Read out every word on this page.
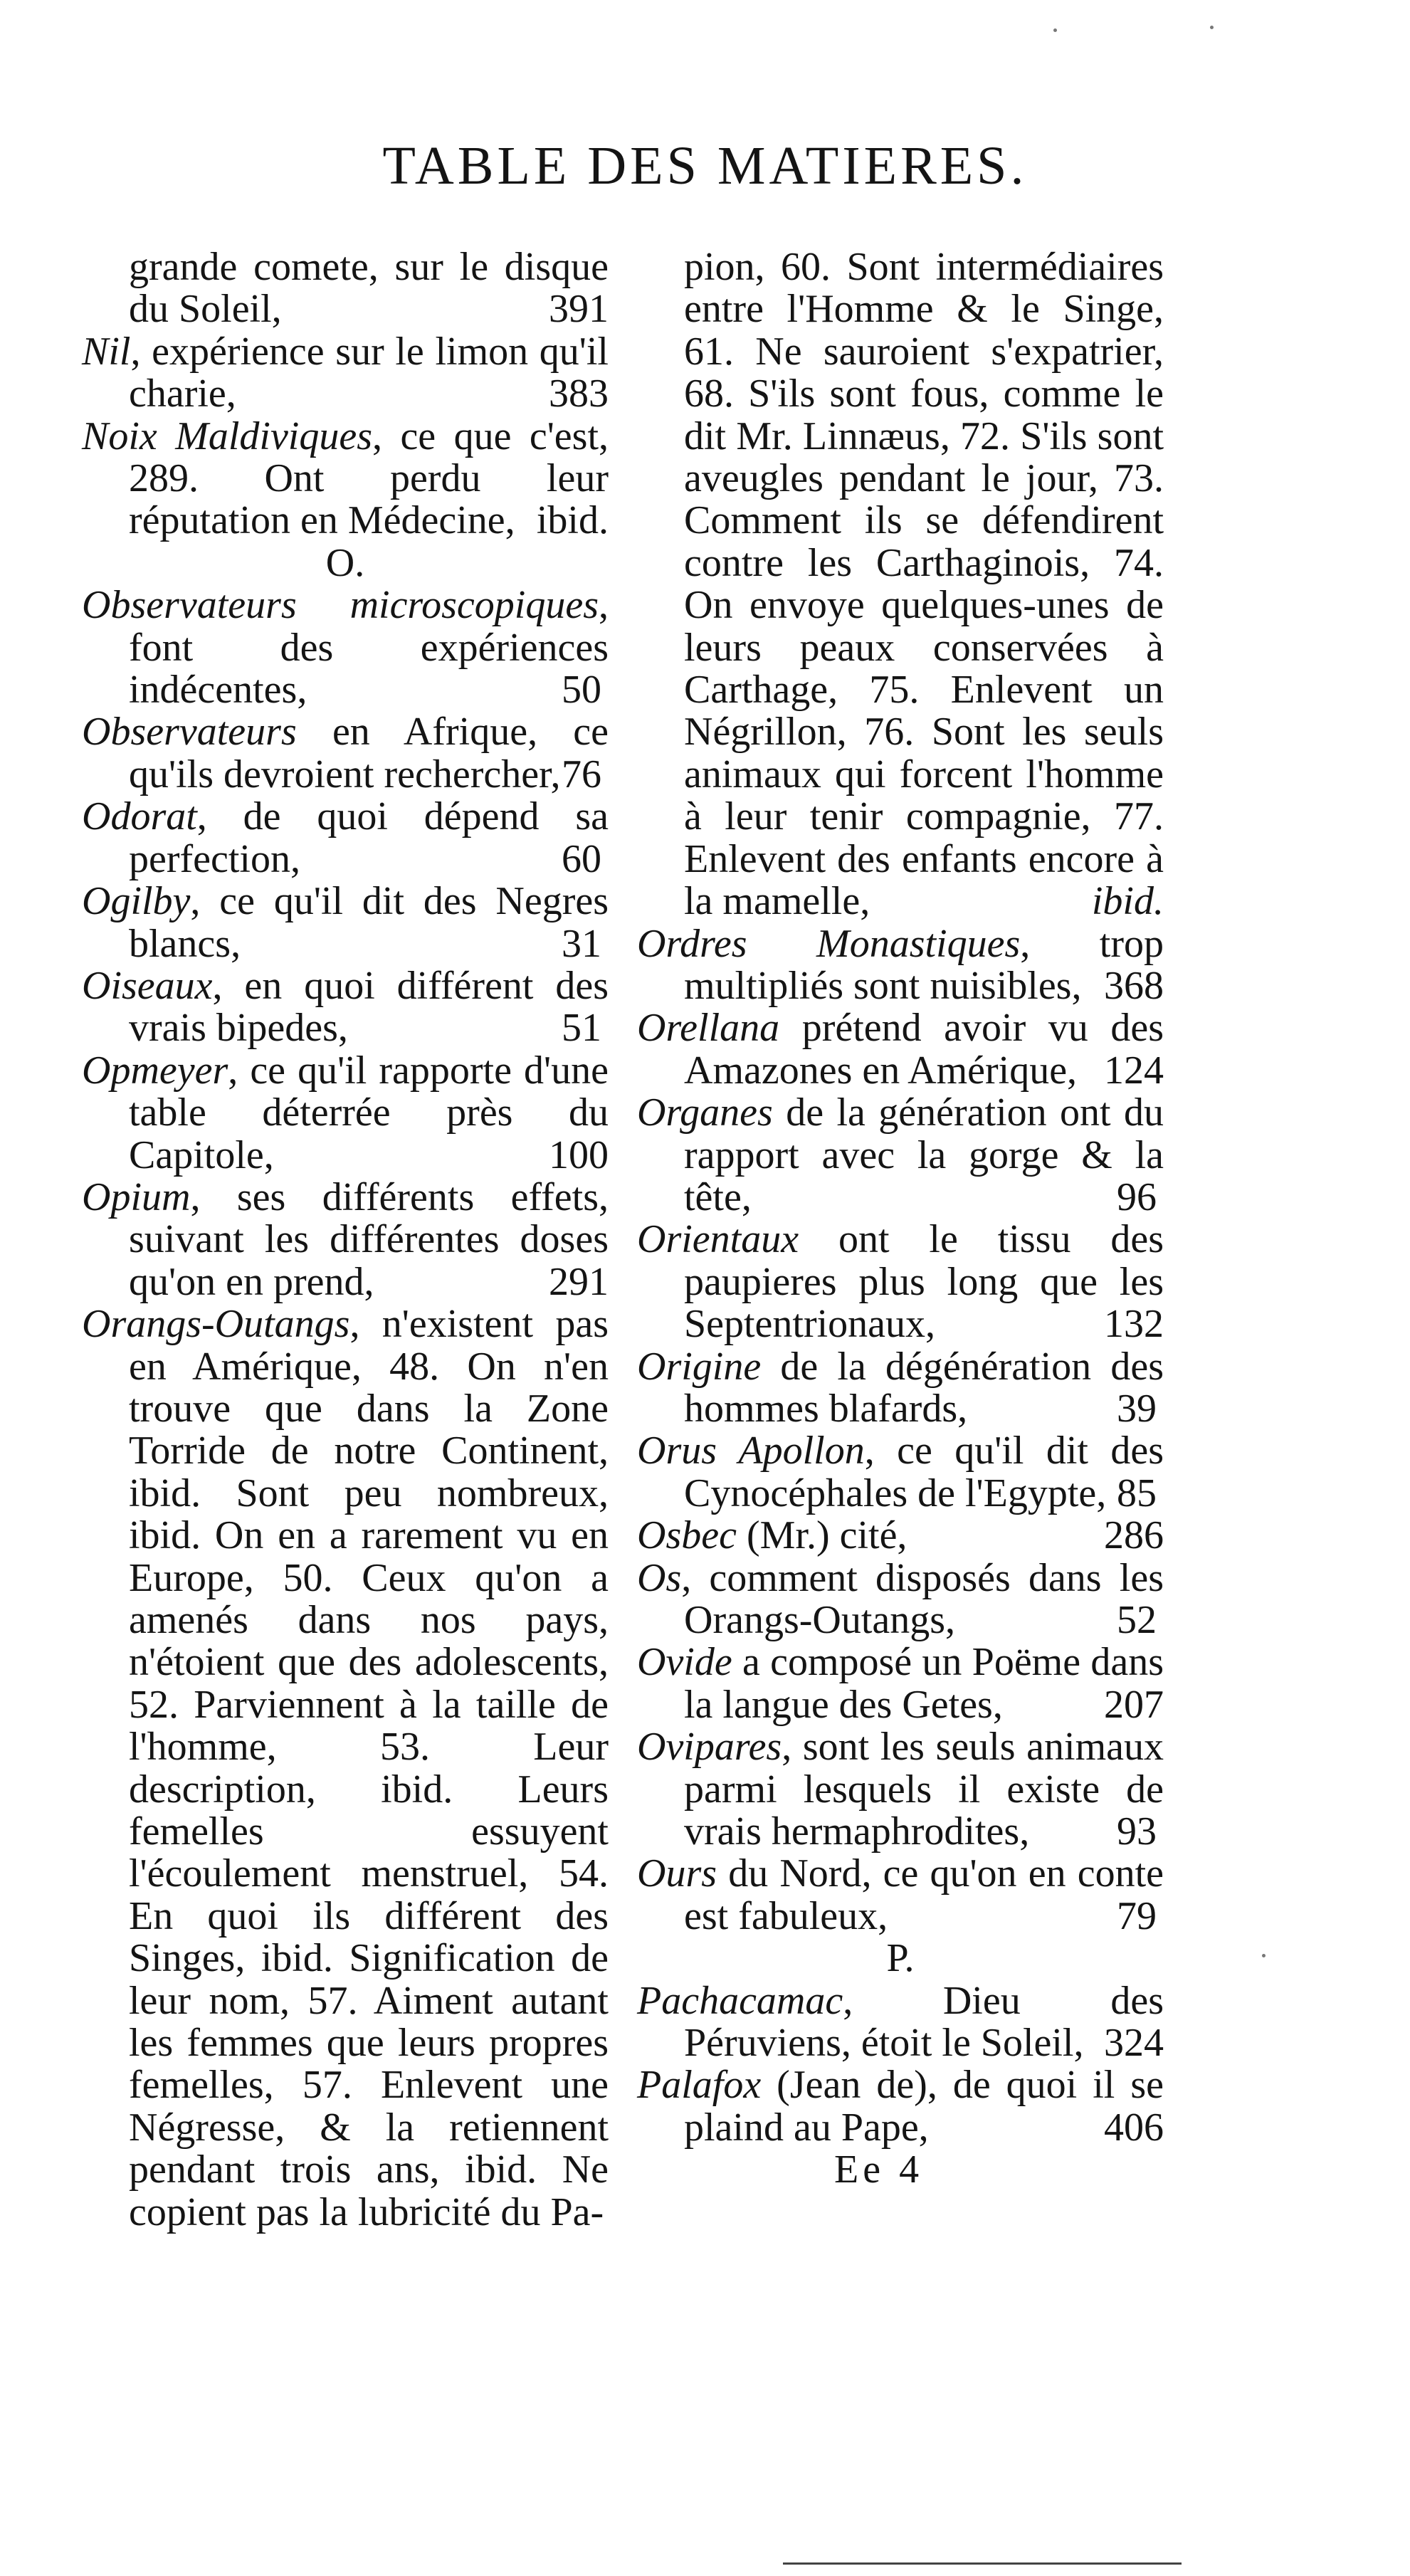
TABLE DES MATIERES.

grande comete, sur le disque du Soleil,	391

Nil, expérience sur le limon qu'il charie,	383

Noix Maldiviques, ce que c'est, 289. Ont perdu leur réputation en Médecine, ibid.

O.

Observateurs microscopiques, font des expériences indécentes,	50

Observateurs en Afrique, ce qu'ils devroient rechercher, 76

Odorat, de quoi dépend sa perfection,	60

Ogilby, ce qu'il dit des Negres blancs,	31

Oiseaux, en quoi différent des vrais bipedes,	51

Opmeyer, ce qu'il rapporte d'une table déterrée près du Capitole,	100

Opium, ses différents effets, suivant les différentes doses qu'on en prend,	291

Orangs-Outangs, n'existent pas en Amérique, 48. On n'en trouve que dans la Zone Torride de notre Continent, ibid. Sont peu nombreux, ibid. On en a rarement vu en Europe, 50. Ceux qu'on a amenés dans nos pays, n'étoient que des adolescents, 52. Parviennent à la taille de l'homme, 53. Leur description, ibid. Leurs femelles essuyent l'écoulement menstruel, 54. En quoi ils différent des Singes, ibid. Signification de leur nom, 57. Aiment autant les femmes que leurs propres femelles, 57. Enlevent une Négresse, & la retiennent pendant trois ans, ibid. Ne copient pas la lubricité du Pa-

pion, 60. Sont intermédiaires entre l'Homme & le Singe, 61. Ne sauroient s'expatrier, 68. S'ils sont fous, comme le dit Mr. Linnæus, 72. S'ils sont aveugles pendant le jour, 73. Comment ils se défendirent contre les Carthaginois, 74. On envoye quelques-unes de leurs peaux conservées à Carthage, 75. Enlevent un Négrillon, 76. Sont les seuls animaux qui forcent l'homme à leur tenir compagnie, 77. Enlevent des enfants encore à la mamelle,	ibid.

Ordres Monastiques, trop multipliés sont nuisibles, 368

Orellana prétend avoir vu des Amazones en Amérique, 124

Organes de la génération ont du rapport avec la gorge & la tête,	96

Orientaux ont le tissu des paupieres plus long que les Septentrionaux,	132

Origine de la dégénération des hommes blafards,	39

Orus Apollon, ce qu'il dit des Cynocéphales de l'Egypte, 85

Osbec (Mr.) cité,	286

Os, comment disposés dans les Orangs-Outangs,	52

Ovide a composé un Poëme dans la langue des Getes,	207

Ovipares, sont les seuls animaux parmi lesquels il existe de vrais hermaphrodites, 93

Ours du Nord, ce qu'on en conte est fabuleux,	79

P.

Pachacamac, Dieu des Péruviens, étoit le Soleil, 324

Palafox (Jean de), de quoi il se plaind au Pape,	406

Ee 4
